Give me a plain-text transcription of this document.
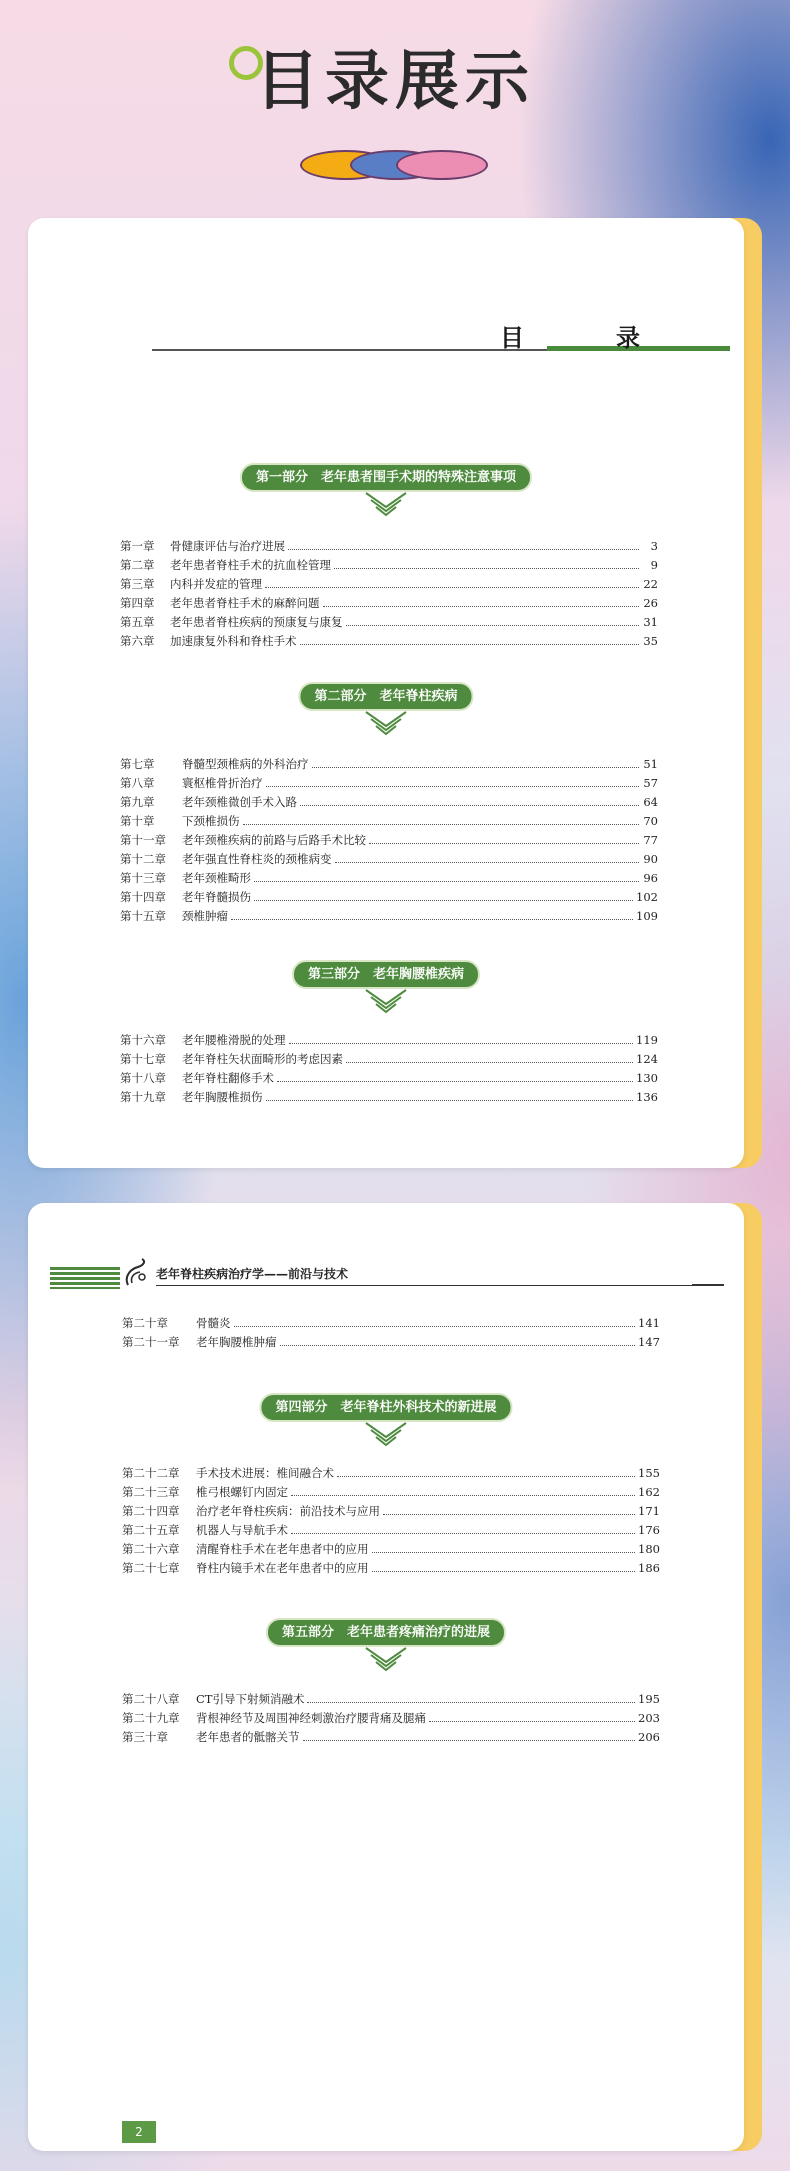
目录展示
目　录
第一部分　老年患者围手术期的特殊注意事项
第一章	骨健康评估与治疗进展	3
第二章	老年患者脊柱手术的抗血栓管理	9
第三章	内科并发症的管理	22
第四章	老年患者脊柱手术的麻醉问题	26
第五章	老年患者脊柱疾病的预康复与康复	31
第六章	加速康复外科和脊柱手术	35
第二部分　老年脊柱疾病
第七章	脊髓型颈椎病的外科治疗	51
第八章	寰枢椎骨折治疗	57
第九章	老年颈椎微创手术入路	64
第十章	下颈椎损伤	70
第十一章	老年颈椎疾病的前路与后路手术比较	77
第十二章	老年强直性脊柱炎的颈椎病变	90
第十三章	老年颈椎畸形	96
第十四章	老年脊髓损伤	102
第十五章	颈椎肿瘤	109
第三部分　老年胸腰椎疾病
第十六章	老年腰椎滑脱的处理	119
第十七章	老年脊柱矢状面畸形的考虑因素	124
第十八章	老年脊柱翻修手术	130
第十九章	老年胸腰椎损伤	136
老年脊柱疾病治疗学——前沿与技术
第二十章	骨髓炎	141
第二十一章	老年胸腰椎肿瘤	147
第四部分　老年脊柱外科技术的新进展
第二十二章	手术技术进展：椎间融合术	155
第二十三章	椎弓根螺钉内固定	162
第二十四章	治疗老年脊柱疾病：前沿技术与应用	171
第二十五章	机器人与导航手术	176
第二十六章	清醒脊柱手术在老年患者中的应用	180
第二十七章	脊柱内镜手术在老年患者中的应用	186
第五部分　老年患者疼痛治疗的进展
第二十八章	CT引导下射频消融术	195
第二十九章	背根神经节及周围神经刺激治疗腰背痛及腿痛	203
第三十章	老年患者的骶髂关节	206
2
